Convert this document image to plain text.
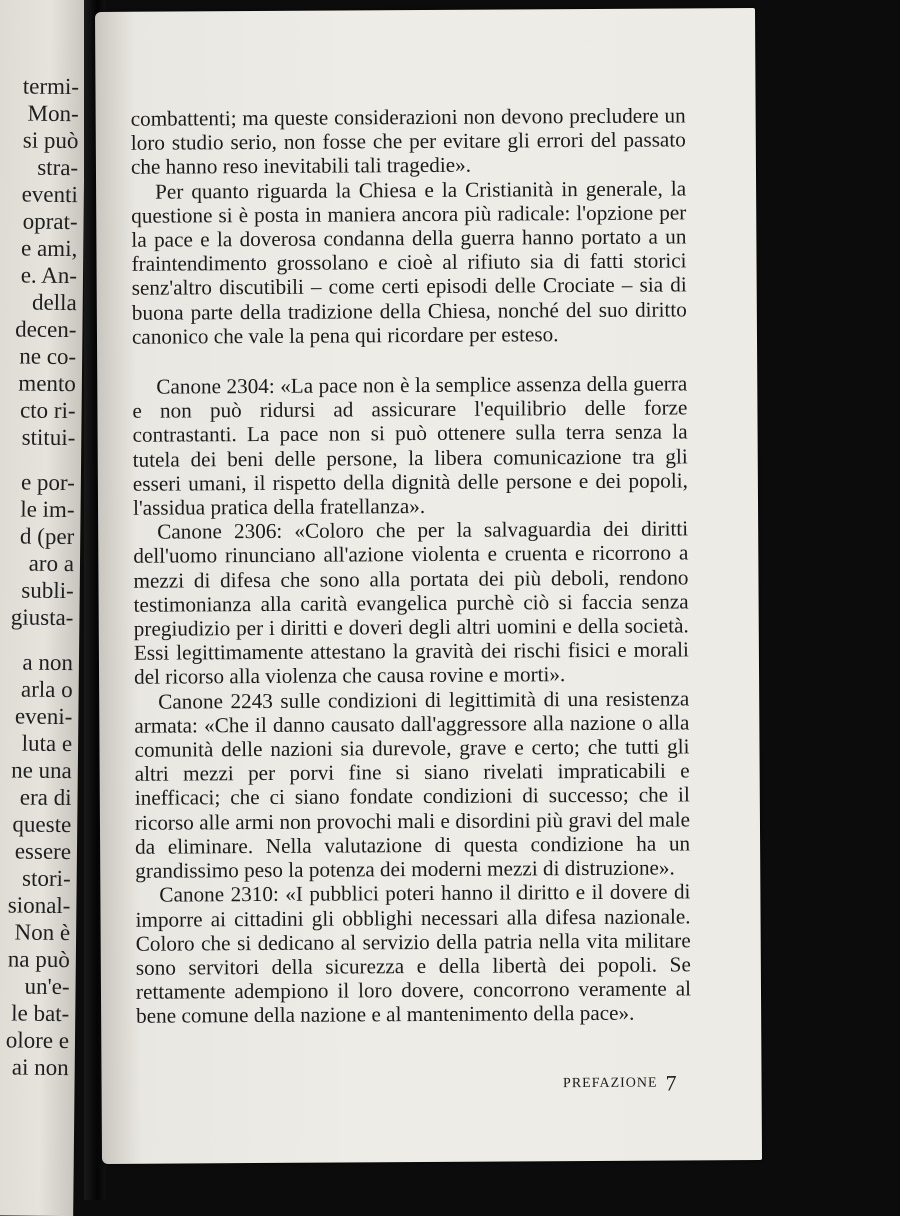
termi-
Mon-
si può
stra-
eventi
oprat-
e ami,
e. An-
della
decen-
ne co-
mento
cto ri-
stitui-
e por-
le im-
d (per
aro a
subli-
giusta-
a non
arla o
eveni-
luta e
ne una
era di
queste
essere
stori-
sional-
Non è
na può
un'e-
le bat-
olore e
ai non

combattenti; ma queste considerazioni non devono precludere un loro studio serio, non fosse che per evitare gli errori del passato che hanno reso inevitabili tali tragedie».

Per quanto riguarda la Chiesa e la Cristianità in generale, la questione si è posta in maniera ancora più radicale: l'opzione per la pace e la doverosa condanna della guerra hanno portato a un fraintendimento grossolano e cioè al rifiuto sia di fatti storici senz'altro discutibili – come certi episodi delle Crociate – sia di buona parte della tradizione della Chiesa, nonché del suo diritto canonico che vale la pena qui ricordare per esteso.

Canone 2304: «La pace non è la semplice assenza della guerra e non può ridursi ad assicurare l'equilibrio delle forze contrastanti. La pace non si può ottenere sulla terra senza la tutela dei beni delle persone, la libera comunicazione tra gli esseri umani, il rispetto della dignità delle persone e dei popoli, l'assidua pratica della fratellanza».

Canone 2306: «Coloro che per la salvaguardia dei diritti dell'uomo rinunciano all'azione violenta e cruenta e ricorrono a mezzi di difesa che sono alla portata dei più deboli, rendono testimonianza alla carità evangelica purchè ciò si faccia senza pregiudizio per i diritti e doveri degli altri uomini e della società. Essi legittimamente attestano la gravità dei rischi fisici e morali del ricorso alla violenza che causa rovine e morti».

Canone 2243 sulle condizioni di legittimità di una resistenza armata: «Che il danno causato dall'aggressore alla nazione o alla comunità delle nazioni sia durevole, grave e certo; che tutti gli altri mezzi per porvi fine si siano rivelati impraticabili e inefficaci; che ci siano fondate condizioni di successo; che il ricorso alle armi non provochi mali e disordini più gravi del male da eliminare. Nella valutazione di questa condizione ha un grandissimo peso la potenza dei moderni mezzi di distruzione».

Canone 2310: «I pubblici poteri hanno il diritto e il dovere di imporre ai cittadini gli obblighi necessari alla difesa nazionale. Coloro che si dedicano al servizio della patria nella vita militare sono servitori della sicurezza e della libertà dei popoli. Se rettamente adempiono il loro dovere, concorrono veramente al bene comune della nazione e al mantenimento della pace».

PREFAZIONE 7
